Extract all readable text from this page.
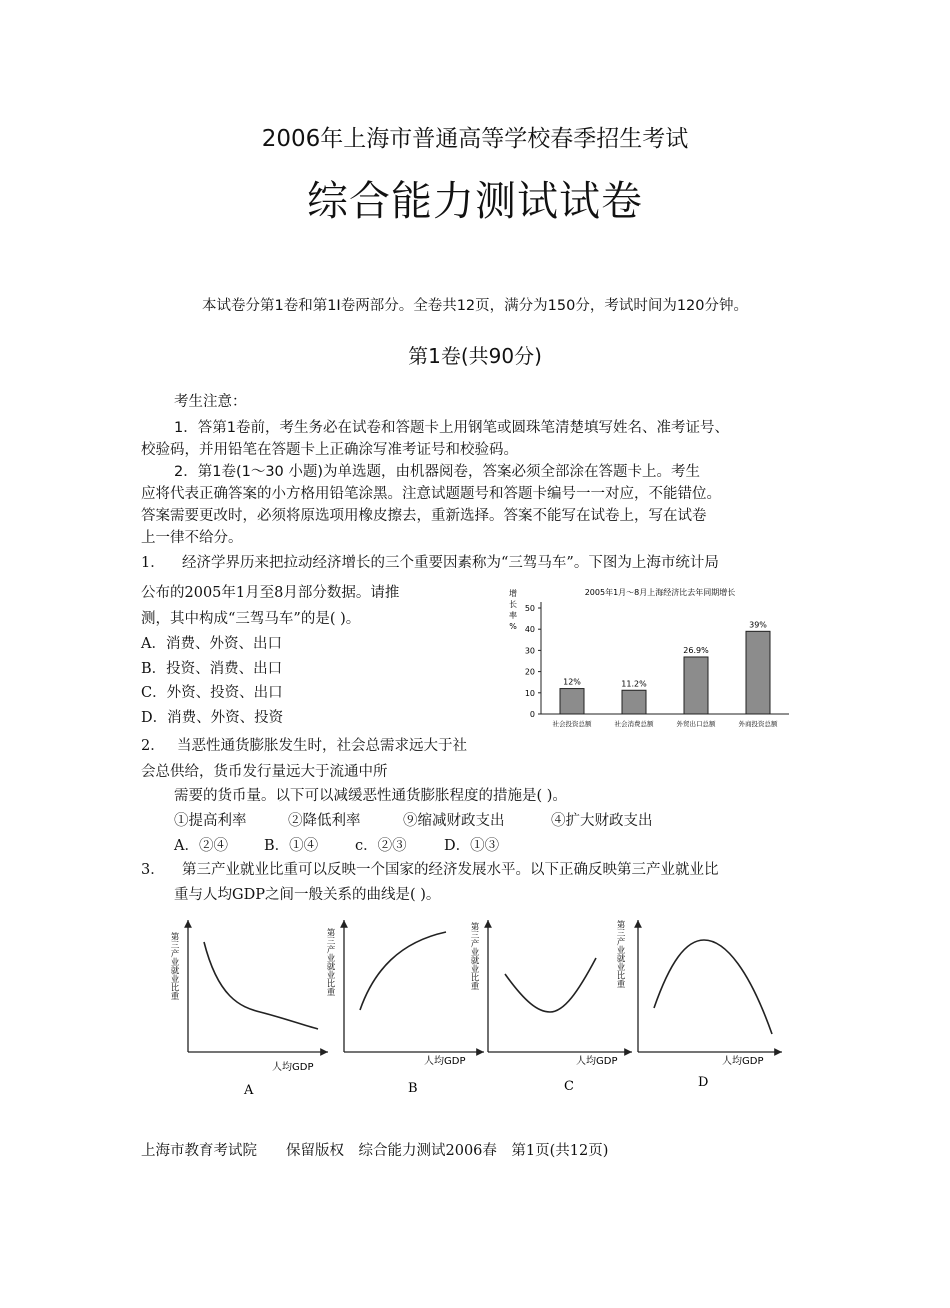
2006年上海市普通高等学校春季招生考试
综合能力测试试卷
本试卷分第1卷和第1I卷两部分。全卷共12页，满分为150分，考试时间为120分钟。
第1卷(共90分)
考生注意：
1．答第1卷前，考生务必在试卷和答题卡上用钢笔或圆珠笔清楚填写姓名、准考证号、
校验码，并用铅笔在答题卡上正确涂写准考证号和校验码。
2．第1卷(1～30 小题)为单选题，由机器阅卷，答案必须全部涂在答题卡上。考生
应将代表正确答案的小方格用铅笔涂黑。注意试题题号和答题卡编号一一对应，不能错位。
答案需要更改时，必须将原选项用橡皮擦去，重新选择。答案不能写在试卷上，写在试卷
上一律不给分。
1． 经济学界历来把拉动经济增长的三个重要因素称为“三驾马车”。下图为上海市统计局
公布的2005年1月至8月部分数据。请推
测，其中构成“三驾马车”的是( )。
A．消费、外资、出口
B．投资、消费、出口
C．外资、投资、出口
D．消费、外资、投资
2005年1月～8月上海经济比去年同期增长
增
长
率
%
0
10
20
30
40
50
12%
社会投资总额
11.2%
社会消费总额
26.9%
外贸出口总额
39%
外商投资总额
2． 当恶性通货膨胀发生时，社会总需求远大于社
会总供给，货币发行量远大于流通中所
需要的货币量。以下可以减缓恶性通货膨胀程度的措施是( )。
①提高利率	②降低利率	⑨缩减财政支出	④扩大财政支出
A．②④ B．①④	c．②③	D．①③
3． 第三产业就业比重可以反映一个国家的经济发展水平。以下正确反映第三产业就业比
重与人均GDP之间一般关系的曲线是( )。
第三产业就业比重
人均GDP
A
第三产业就业比重
人均GDP
B
第三产业就业比重
人均GDP
C
第三产业就业比重
人均GDP
D
上海市教育考试院　　保留版权　综合能力测试2006春　第1页(共12页)
